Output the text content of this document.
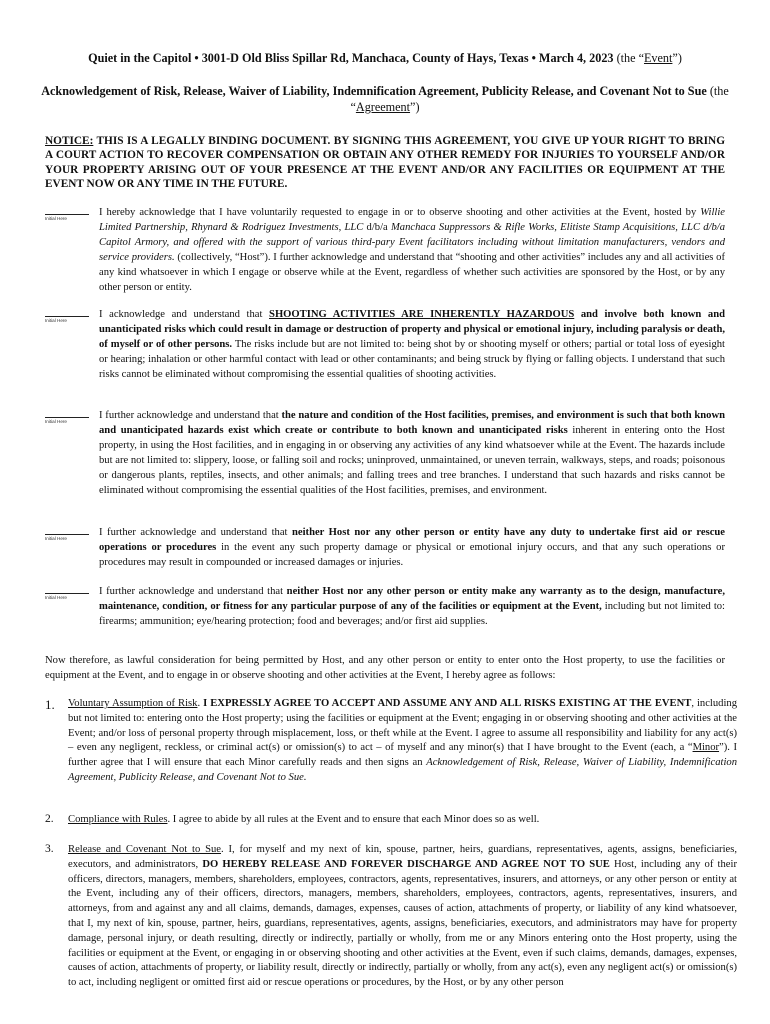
Quiet in the Capitol • 3001-D Old Bliss Spillar Rd, Manchaca, County of Hays, Texas • March 4, 2023 (the “Event”)
Acknowledgement of Risk, Release, Waiver of Liability, Indemnification Agreement, Publicity Release, and Covenant Not to Sue (the “Agreement”)
NOTICE: THIS IS A LEGALLY BINDING DOCUMENT. BY SIGNING THIS AGREEMENT, YOU GIVE UP YOUR RIGHT TO BRING A COURT ACTION TO RECOVER COMPENSATION OR OBTAIN ANY OTHER REMEDY FOR INJURIES TO YOURSELF AND/OR YOUR PROPERTY ARISING OUT OF YOUR PRESENCE AT THE EVENT AND/OR ANY FACILITIES OR EQUIPMENT AT THE EVENT NOW OR ANY TIME IN THE FUTURE.
Initial Here
I hereby acknowledge that I have voluntarily requested to engage in or to observe shooting and other activities at the Event, hosted by Willie Limited Partnership, Rhynard & Rodriguez Investments, LLC d/b/a Manchaca Suppressors & Rifle Works, Elitiste Stamp Acquisitions, LLC d/b/a Capitol Armory, and offered with the support of various third-pary Event facilitators including without limitation manufacturers, vendors and service providers. (collectively, “Host”). I further acknowledge and understand that “shooting and other activities” includes any and all activities of any kind whatsoever in which I engage or observe while at the Event, regardless of whether such activities are sponsored by the Host, or by any other person or entity.
Initial Here
I acknowledge and understand that SHOOTING ACTIVITIES ARE INHERENTLY HAZARDOUS and involve both known and unanticipated risks which could result in damage or destruction of property and physical or emotional injury, including paralysis or death, of myself or of other persons. The risks include but are not limited to: being shot by or shooting myself or others; partial or total loss of eyesight or hearing; inhalation or other harmful contact with lead or other contaminants; and being struck by flying or falling objects. I understand that such risks cannot be eliminated without compromising the essential qualities of shooting activities.
Initial Here
I further acknowledge and understand that the nature and condition of the Host facilities, premises, and environment is such that both known and unanticipated hazards exist which create or contribute to both known and unanticipated risks inherent in entering onto the Host property, in using the Host facilities, and in engaging in or observing any activities of any kind whatsoever while at the Event. The hazards include but are not limited to: slippery, loose, or falling soil and rocks; uninproved, unmaintained, or uneven terrain, walkways, steps, and roads; poisonous or dangerous plants, reptiles, insects, and other animals; and falling trees and tree branches. I understand that such hazards and risks cannot be eliminated without compromising the essential qualities of the Host facilities, premises, and environment.
Initial Here
I further acknowledge and understand that neither Host nor any other person or entity have any duty to undertake first aid or rescue operations or procedures in the event any such property damage or physical or emotional injury occurs, and that any such operations or procedures may result in compounded or increased damages or injuries.
Initial Here
I further acknowledge and understand that neither Host nor any other person or entity make any warranty as to the design, manufacture, maintenance, condition, or fitness for any particular purpose of any of the facilities or equipment at the Event, including but not limited to: firearms; ammunition; eye/hearing protection; food and beverages; and/or first aid supplies.
Now therefore, as lawful consideration for being permitted by Host, and any other person or entity to enter onto the Host property, to use the facilities or equipment at the Event, and to engage in or observe shooting and other activities at the Event, I hereby agree as follows:
1. Voluntary Assumption of Risk. I EXPRESSLY AGREE TO ACCEPT AND ASSUME ANY AND ALL RISKS EXISTING AT THE EVENT, including but not limited to: entering onto the Host property; using the facilities or equipment at the Event; engaging in or observing shooting and other activities at the Event; and/or loss of personal property through misplacement, loss, or theft while at the Event. I agree to assume all responsibility and liability for any act(s) – even any negligent, reckless, or criminal act(s) or omission(s) to act – of myself and any minor(s) that I have brought to the Event (each, a “Minor”). I further agree that I will ensure that each Minor carefully reads and then signs an Acknowledgement of Risk, Release, Waiver of Liability, Indemnification Agreement, Publicity Release, and Covenant Not to Sue.
2. Compliance with Rules. I agree to abide by all rules at the Event and to ensure that each Minor does so as well.
3. Release and Covenant Not to Sue. I, for myself and my next of kin, spouse, partner, heirs, guardians, representatives, agents, assigns, beneficiaries, executors, and administrators, DO HEREBY RELEASE AND FOREVER DISCHARGE AND AGREE NOT TO SUE Host, including any of their officers, directors, managers, members, shareholders, employees, contractors, agents, representatives, insurers, and attorneys, or any other person or entity at the Event, including any of their officers, directors, managers, members, shareholders, employees, contractors, agents, representatives, insurers, and attorneys, from and against any and all claims, demands, damages, expenses, causes of action, attachments of property, or liability of any kind whatsoever, that I, my next of kin, spouse, partner, heirs, guardians, representatives, agents, assigns, beneficiaries, executors, and administrators may have for property damage, personal injury, or death resulting, directly or indirectly, partially or wholly, from me or any Minors entering onto the Host property, using the facilities or equipment at the Event, or engaging in or observing shooting and other activities at the Event, even if such claims, demands, damages, expenses, causes of action, attachments of property, or liability result, directly or indirectly, partially or wholly, from any act(s), even any negligent act(s) or omission(s) to act, including negligent or omitted first aid or rescue operations or procedures, by the Host, or by any other person
